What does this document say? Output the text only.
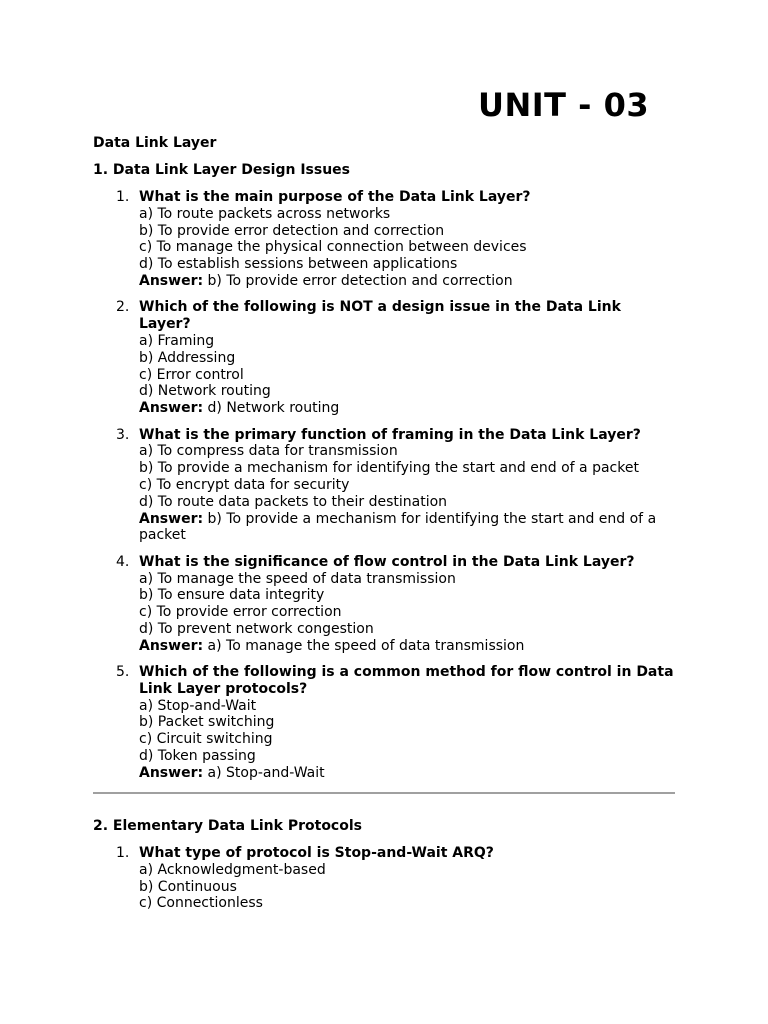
UNIT - 03
Data Link Layer
1. Data Link Layer Design Issues
1. What is the main purpose of the Data Link Layer?
a) To route packets across networks
b) To provide error detection and correction
c) To manage the physical connection between devices
d) To establish sessions between applications
Answer: b) To provide error detection and correction
2. Which of the following is NOT a design issue in the Data Link Layer?
a) Framing
b) Addressing
c) Error control
d) Network routing
Answer: d) Network routing
3. What is the primary function of framing in the Data Link Layer?
a) To compress data for transmission
b) To provide a mechanism for identifying the start and end of a packet
c) To encrypt data for security
d) To route data packets to their destination
Answer: b) To provide a mechanism for identifying the start and end of a packet
4. What is the significance of flow control in the Data Link Layer?
a) To manage the speed of data transmission
b) To ensure data integrity
c) To provide error correction
d) To prevent network congestion
Answer: a) To manage the speed of data transmission
5. Which of the following is a common method for flow control in Data Link Layer protocols?
a) Stop-and-Wait
b) Packet switching
c) Circuit switching
d) Token passing
Answer: a) Stop-and-Wait
2. Elementary Data Link Protocols
1. What type of protocol is Stop-and-Wait ARQ?
a) Acknowledgment-based
b) Continuous
c) Connectionless
